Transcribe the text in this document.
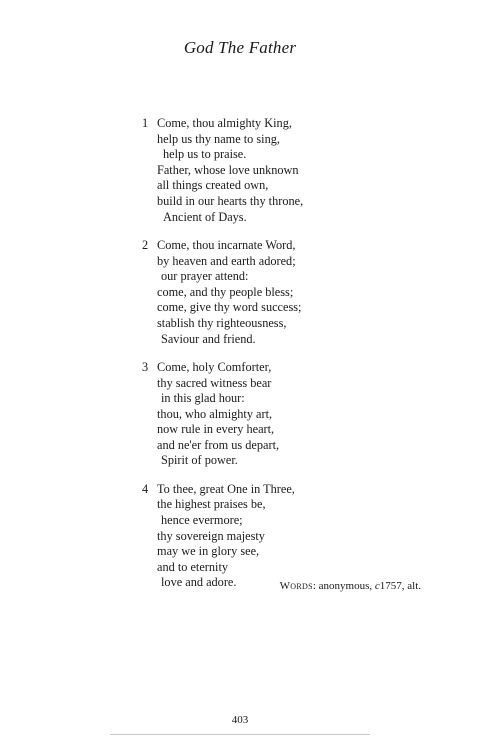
God The Father
1 Come, thou almighty King,
help us thy name to sing,
help us to praise.
Father, whose love unknown
all things created own,
build in our hearts thy throne,
Ancient of Days.
2 Come, thou incarnate Word,
by heaven and earth adored;
our prayer attend:
come, and thy people bless;
come, give thy word success;
stablish thy righteousness,
Saviour and friend.
3 Come, holy Comforter,
thy sacred witness bear
in this glad hour:
thou, who almighty art,
now rule in every heart,
and ne'er from us depart,
Spirit of power.
4 To thee, great One in Three,
the highest praises be,
hence evermore;
thy sovereign majesty
may we in glory see,
and to eternity
love and adore.	Words: anonymous, c1757, alt.
403
